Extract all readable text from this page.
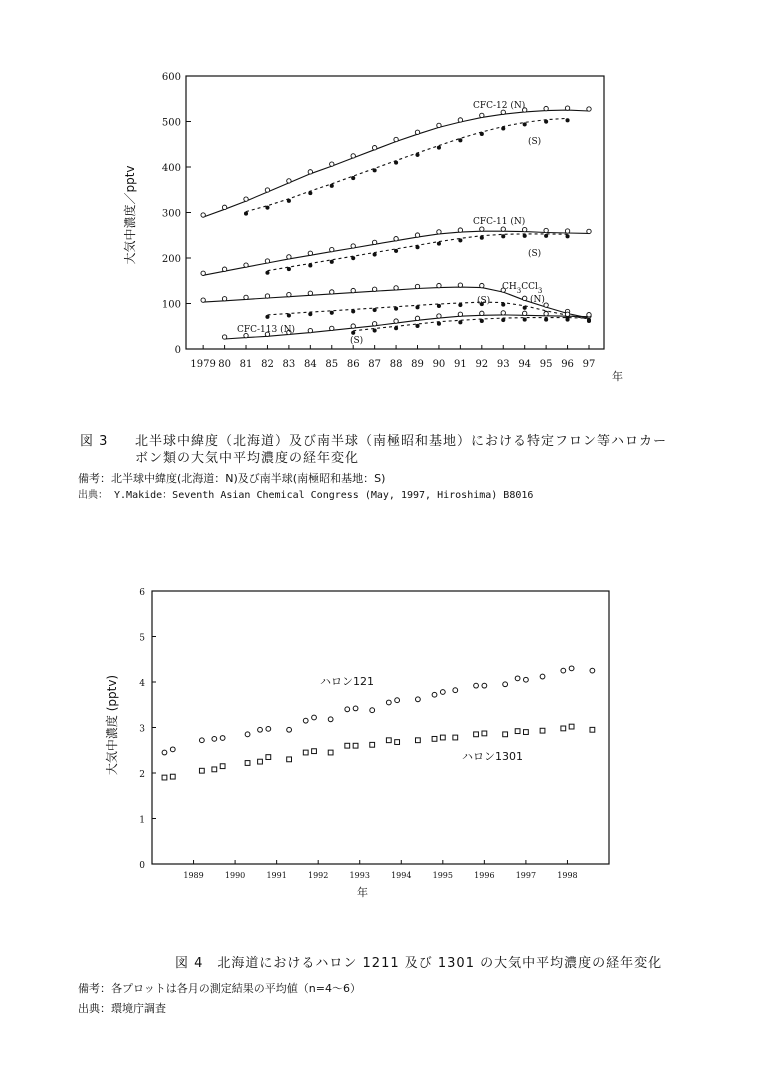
0
100
200
300
400
500
600
1979 80 81 82 83 84 85 86 87 88 89 90 91 92 93 94 95 96 97
CFC-12 (N)
(S)
CFC-11 (N)
(S)
$CH_3CCl_3$
(N)
(S)
CFC-113 (N)
(S)
大気中濃度／pptv
年
図 3 北半球中緯度（北海道）及び南半球（南極昭和基地）における特定フロン等ハロカー
ボン類の大気中平均濃度の経年変化
備考：北半球中緯度(北海道：N)及び南半球(南極昭和基地：S)
出典： Y.Makide：Seventh Asian Chemical Congress (May, 1997, Hiroshima) B8016
0
1
2
3
4
5
6
1989	1990	1991	1992	1993	1994	1995	1996	1997	1998
ハロン121
ハロン1301
大気中濃度 (pptv)
年
図 4　北海道におけるハロン 1211 及び 1301 の大気中平均濃度の経年変化
備考：各プロットは各月の測定結果の平均値（n=4～6）
出典：環境庁調査
